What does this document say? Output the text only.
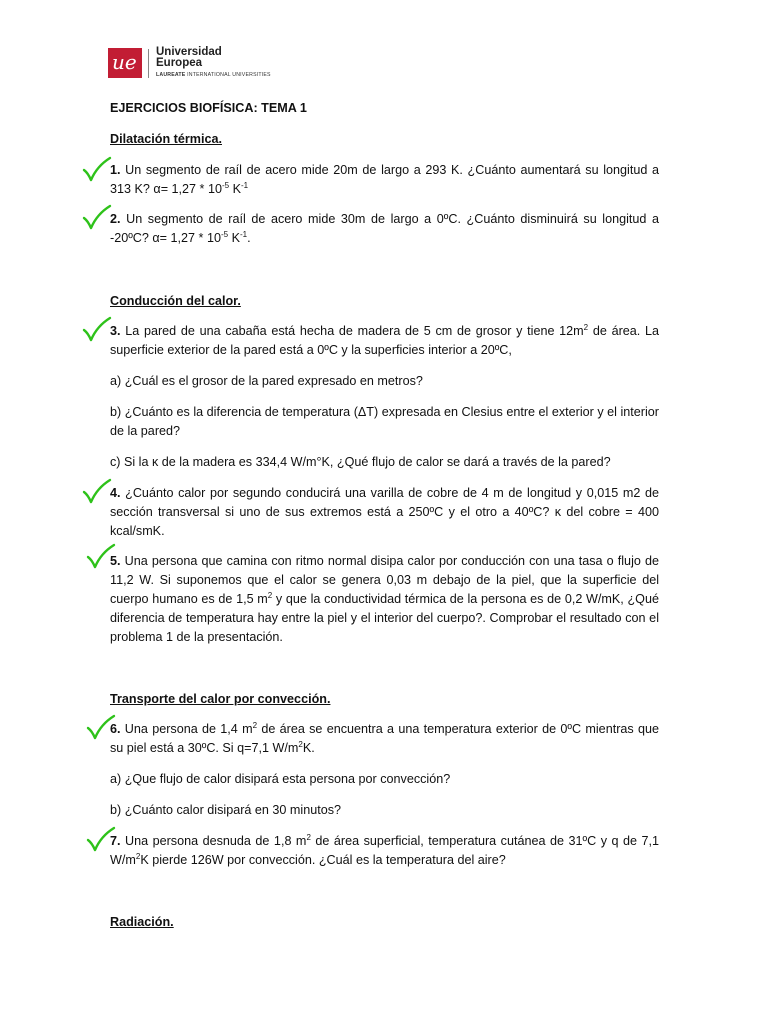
ue Universidad
Europea
LAUREATE INTERNATIONAL UNIVERSITIES
EJERCICIOS BIOFÍSICA: TEMA 1
Dilatación térmica.
1. Un segmento de raíl de acero mide 20m de largo a 293 K. ¿Cuánto aumentará su longitud a 313 K? $\alpha= 1,27 * 10^{-5}$ $K^{-1}$
2. Un segmento de raíl de acero mide 30m de largo a 0ºC. ¿Cuánto disminuirá su longitud a -20ºC? $\alpha= 1,27 * 10^{-5}$ $K^{-1}$.
Conducción del calor.
3. La pared de una cabaña está hecha de madera de 5 cm de grosor y tiene $12m^2$ de área. La superficie exterior de la pared está a 0ºC y la superficies interior a 20ºC,
a) ¿Cuál es el grosor de la pared expresado en metros?
b) ¿Cuánto es la diferencia de temperatura (ΔT) expresada en Clesius entre el exterior y el interior de la pared?
c) Si la κ de la madera es 334,4 W/m°K, ¿Qué flujo de calor se dará a través de la pared?
4. ¿Cuánto calor por segundo conducirá una varilla de cobre de 4 m de longitud y 0,015 m2 de sección transversal si uno de sus extremos está a 250ºC y el otro a 40ºC? κ del cobre = 400 kcal/smK.
5. Una persona que camina con ritmo normal disipa calor por conducción con una tasa o flujo de 11,2 W. Si suponemos que el calor se genera 0,03 m debajo de la piel, que la superficie del cuerpo humano es de 1,5 $m^2$ y que la conductividad térmica de la persona es de 0,2 W/mK, ¿Qué diferencia de temperatura hay entre la piel y el interior del cuerpo?. Comprobar el resultado con el problema 1 de la presentación.
Transporte del calor por convección.
6. Una persona de 1,4 $m^2$ de área se encuentra a una temperatura exterior de 0ºC mientras que su piel está a 30ºC. Si q=7,1 $W/m^2K$.
a) ¿Que flujo de calor disipará esta persona por convección?
b) ¿Cuánto calor disipará en 30 minutos?
7. Una persona desnuda de 1,8 $m^2$ de área superficial, temperatura cutánea de 31ºC y q de 7,1 $W/m^2K$ pierde 126W por convección. ¿Cuál es la temperatura del aire?
Radiación.
